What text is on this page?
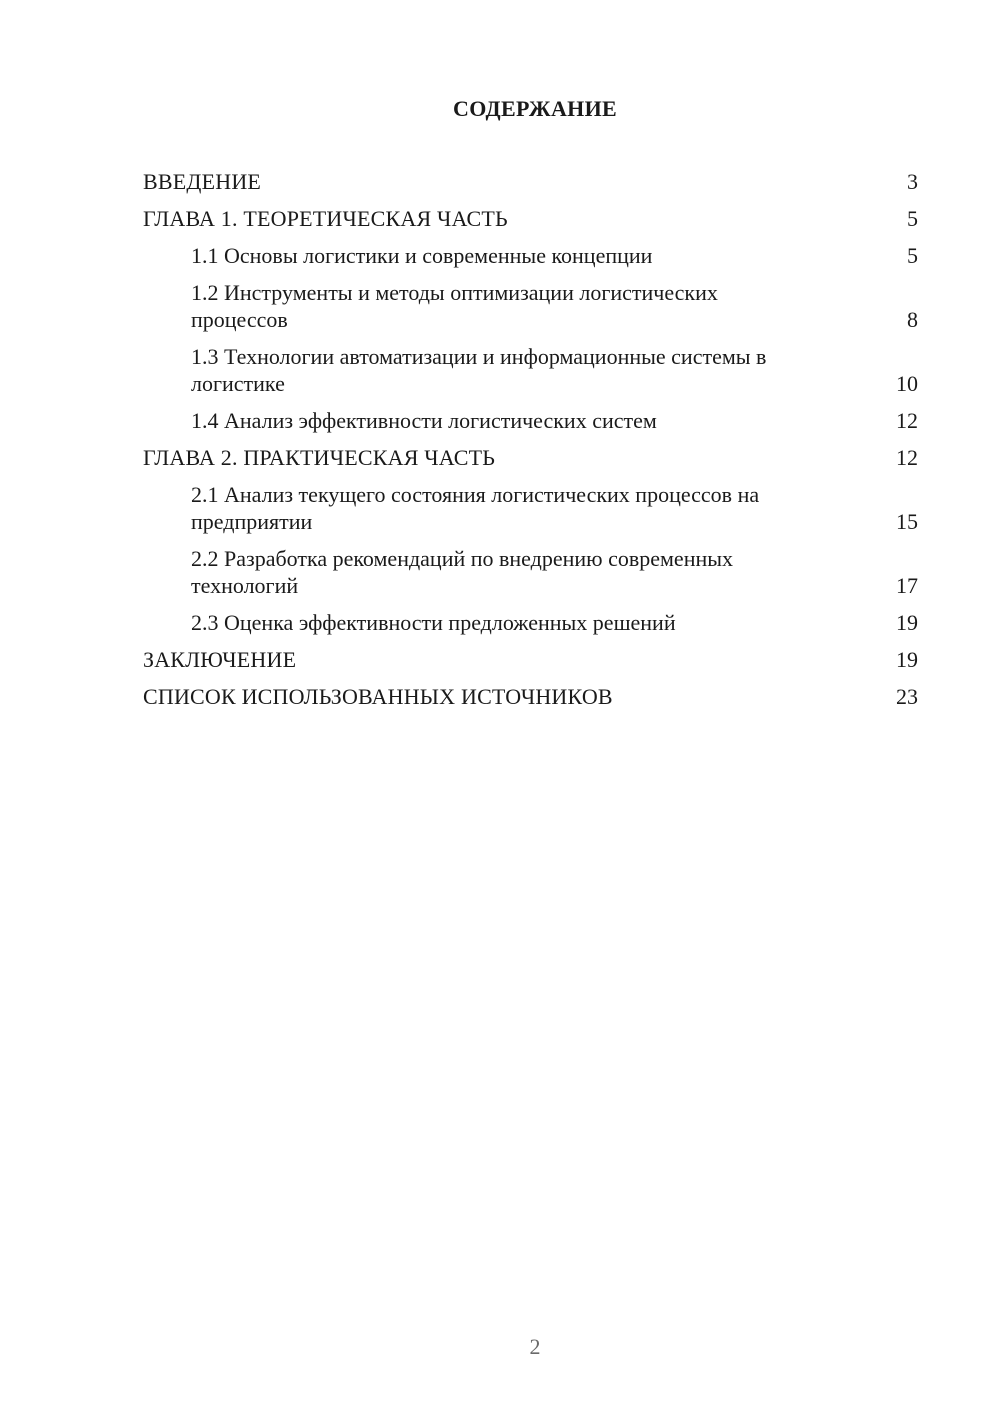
СОДЕРЖАНИЕ
ВВЕДЕНИЕ	3
ГЛАВА 1. ТЕОРЕТИЧЕСКАЯ ЧАСТЬ	5
1.1 Основы логистики и современные концепции	5
1.2 Инструменты и методы оптимизации логистических процессов	8
1.3 Технологии автоматизации и информационные системы в логистике	10
1.4 Анализ эффективности логистических систем	12
ГЛАВА 2. ПРАКТИЧЕСКАЯ ЧАСТЬ	12
2.1 Анализ текущего состояния логистических процессов на предприятии	15
2.2 Разработка рекомендаций по внедрению современных технологий	17
2.3 Оценка эффективности предложенных решений	19
ЗАКЛЮЧЕНИЕ	19
СПИСОК ИСПОЛЬЗОВАННЫХ ИСТОЧНИКОВ	23
2
